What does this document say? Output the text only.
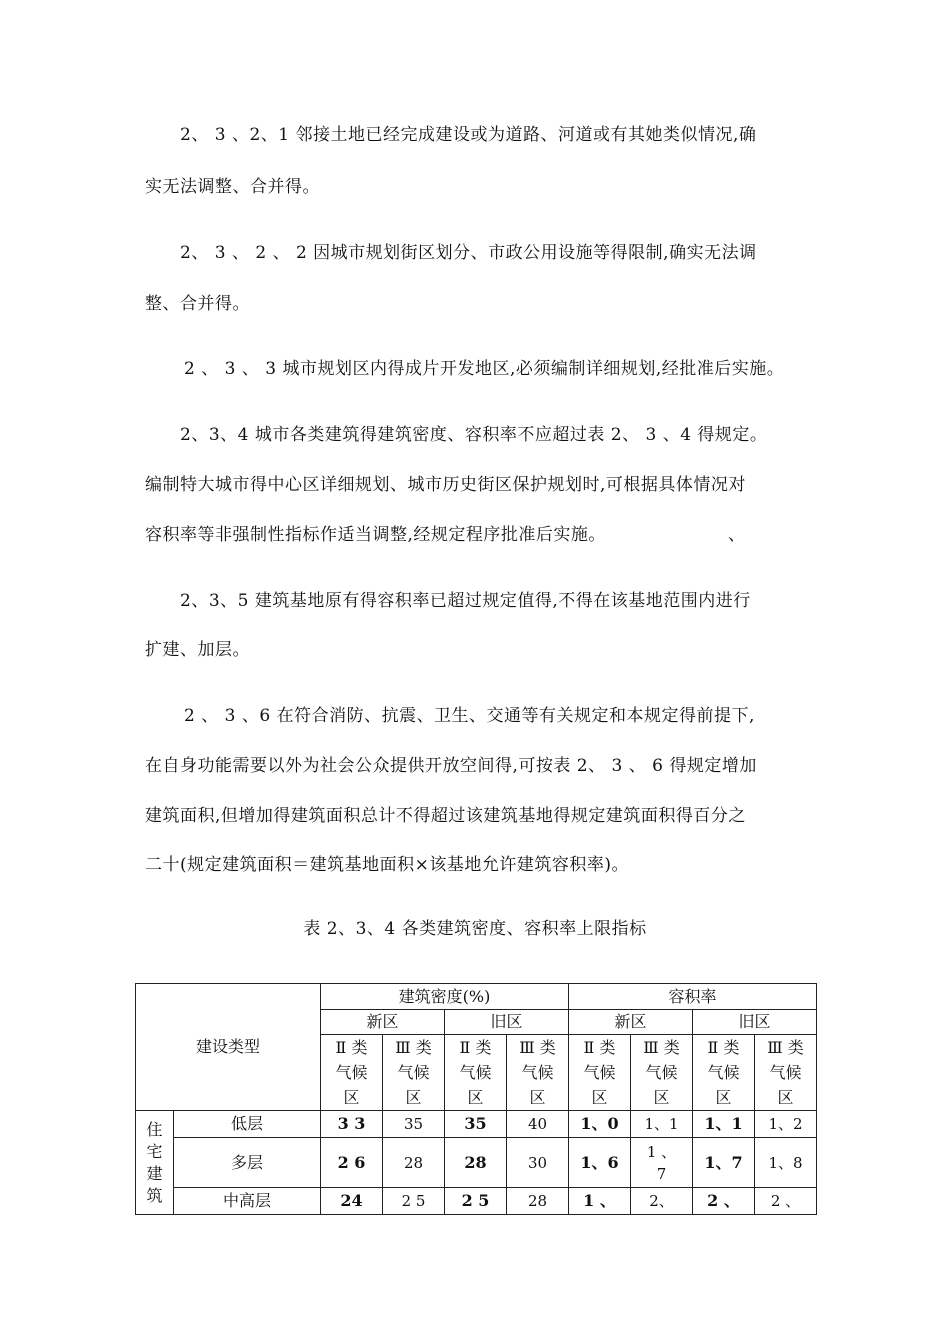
2、 3 、2、1 邻接土地已经完成建设或为道路、河道或有其她类似情况,确
实无法调整、合并得。
2、 3 、 2 、 2 因城市规划街区划分、市政公用设施等得限制,确实无法调
整、合并得。
2 、 3 、 3 城市规划区内得成片开发地区,必须编制详细规划,经批准后实施。
2、3、4 城市各类建筑得建筑密度、容积率不应超过表 2、 3 、4 得规定。
编制特大城市得中心区详细规划、城市历史街区保护规划时,可根据具体情况对
容积率等非强制性指标作适当调整,经规定程序批准后实施。	、
2、3、5 建筑基地原有得容积率已超过规定值得,不得在该基地范围内进行
扩建、加层。
2 、 3 、6 在符合消防、抗震、卫生、交通等有关规定和本规定得前提下,
在自身功能需要以外为社会公众提供开放空间得,可按表 2、 3 、 6 得规定增加
建筑面积,但增加得建筑面积总计不得超过该建筑基地得规定建筑面积得百分之
二十(规定建筑面积＝建筑基地面积×该基地允许建筑容积率)。
表 2、3、4 各类建筑密度、容积率上限指标
建设类型		建筑密度(%)				容积率			
		新区		旧区		新区		旧区	
		Ⅱ 类 气候 区	Ⅲ 类 气候 区	Ⅱ 类 气候 区	Ⅲ 类 气候 区	Ⅱ 类 气候 区	Ⅲ 类 气候 区	Ⅱ 类 气候 区	Ⅲ 类 气候 区
住宅建筑	低层	3 3	35	35	40	1、0	1、1	1、1	1、2
	多层	2 6	28	28	30	1、6	1 、 7	1、7	1、8
	中高层	24	2 5	2 5	28	1 、	2、	2 、	2 、
